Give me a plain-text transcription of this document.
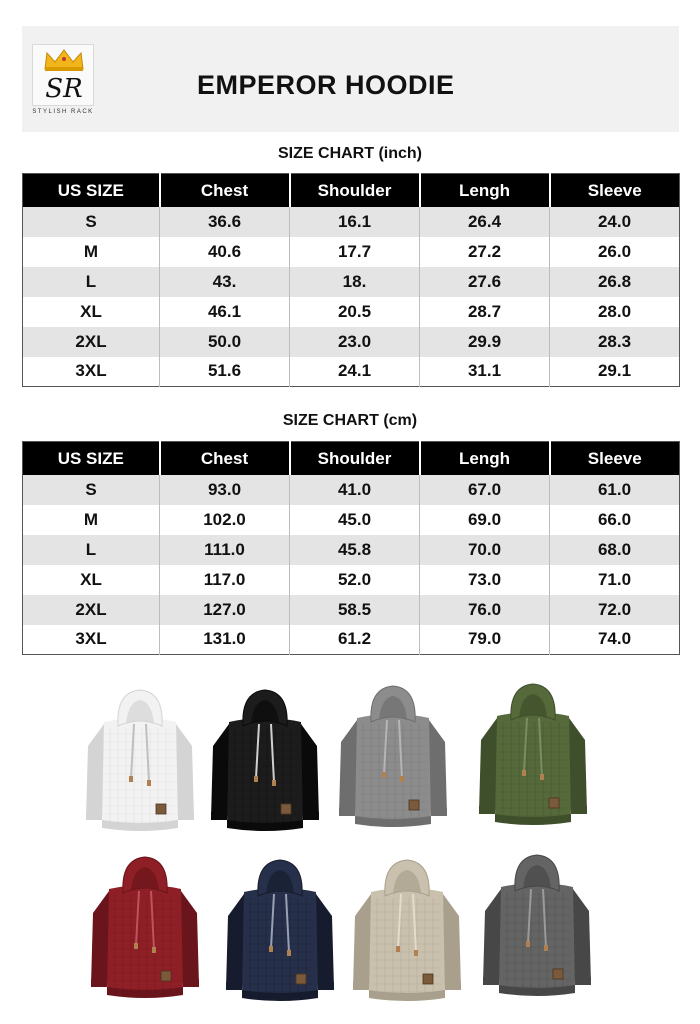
SR
STYLISH RACK
EMPEROR HOODIE
SIZE CHART (inch)
US SIZE	Chest	Shoulder	Lengh	Sleeve
S	36.6	16.1	26.4	24.0
M	40.6	17.7	27.2	26.0
L	43.	18.	27.6	26.8
XL	46.1	20.5	28.7	28.0
2XL	50.0	23.0	29.9	28.3
3XL	51.6	24.1	31.1	29.1
SIZE CHART (cm)
US SIZE	Chest	Shoulder	Lengh	Sleeve
S	93.0	41.0	67.0	61.0
M	102.0	45.0	69.0	66.0
L	111.0	45.8	70.0	68.0
XL	117.0	52.0	73.0	71.0
2XL	127.0	58.5	76.0	72.0
3XL	131.0	61.2	79.0	74.0
